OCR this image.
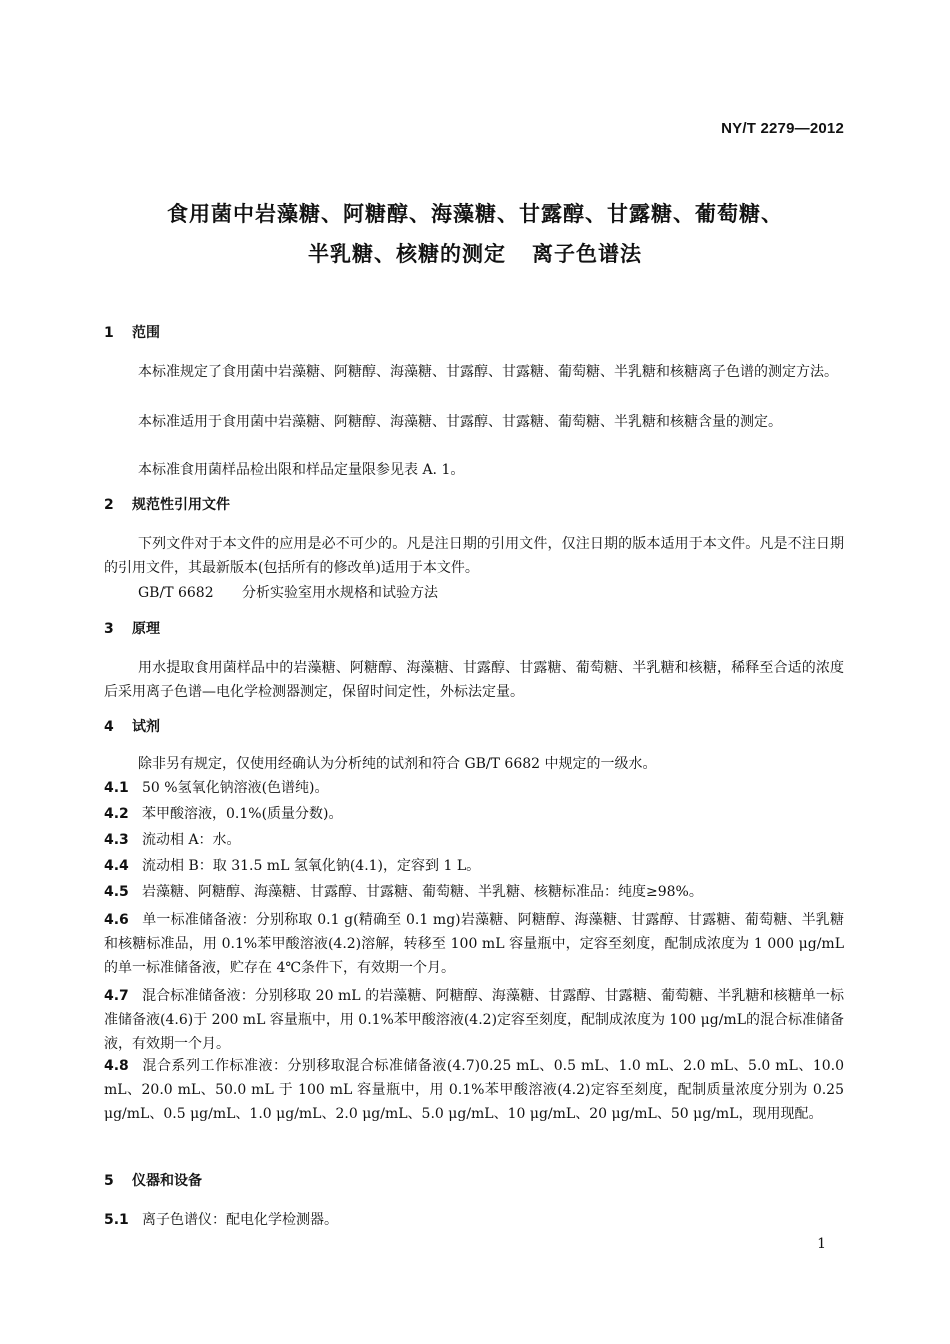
NY/T 2279—2012
食用菌中岩藻糖、阿糖醇、海藻糖、甘露醇、甘露糖、葡萄糖、
半乳糖、核糖的测定 离子色谱法
1 范围
本标准规定了食用菌中岩藻糖、阿糖醇、海藻糖、甘露醇、甘露糖、葡萄糖、半乳糖和核糖离子色谱的测定方法。
本标准适用于食用菌中岩藻糖、阿糖醇、海藻糖、甘露醇、甘露糖、葡萄糖、半乳糖和核糖含量的测定。
本标准食用菌样品检出限和样品定量限参见表 A. 1。
2 规范性引用文件
下列文件对于本文件的应用是必不可少的。凡是注日期的引用文件，仅注日期的版本适用于本文件。凡是不注日期的引用文件，其最新版本(包括所有的修改单)适用于本文件。
GB/T 6682 分析实验室用水规格和试验方法
3 原理
用水提取食用菌样品中的岩藻糖、阿糖醇、海藻糖、甘露醇、甘露糖、葡萄糖、半乳糖和核糖，稀释至合适的浓度后采用离子色谱—电化学检测器测定，保留时间定性，外标法定量。
4 试剂
除非另有规定，仅使用经确认为分析纯的试剂和符合 GB/T 6682 中规定的一级水。
4.1 50 %氢氧化钠溶液(色谱纯)。
4.2 苯甲酸溶液，0.1%(质量分数)。
4.3 流动相 A：水。
4.4 流动相 B：取 31.5 mL 氢氧化钠(4.1)，定容到 1 L。
4.5 岩藻糖、阿糖醇、海藻糖、甘露醇、甘露糖、葡萄糖、半乳糖、核糖标准品：纯度≥98%。
4.6 单一标准储备液：分别称取 0.1 g(精确至 0.1 mg)岩藻糖、阿糖醇、海藻糖、甘露醇、甘露糖、葡萄糖、半乳糖和核糖标准品，用 0.1%苯甲酸溶液(4.2)溶解，转移至 100 mL 容量瓶中，定容至刻度，配制成浓度为 1 000 μg/mL 的单一标准储备液，贮存在 4℃条件下，有效期一个月。
4.7 混合标准储备液：分别移取 20 mL 的岩藻糖、阿糖醇、海藻糖、甘露醇、甘露糖、葡萄糖、半乳糖和核糖单一标准储备液(4.6)于 200 mL 容量瓶中，用 0.1%苯甲酸溶液(4.2)定容至刻度，配制成浓度为 100 μg/mL的混合标准储备液，有效期一个月。
4.8 混合系列工作标准液：分别移取混合标准储备液(4.7)0.25 mL、0.5 mL、1.0 mL、2.0 mL、5.0 mL、10.0 mL、20.0 mL、50.0 mL 于 100 mL 容量瓶中，用 0.1%苯甲酸溶液(4.2)定容至刻度，配制质量浓度分别为 0.25 μg/mL、0.5 μg/mL、1.0 μg/mL、2.0 μg/mL、5.0 μg/mL、10 μg/mL、20 μg/mL、50 μg/mL，现用现配。
5 仪器和设备
5.1 离子色谱仪：配电化学检测器。
1
